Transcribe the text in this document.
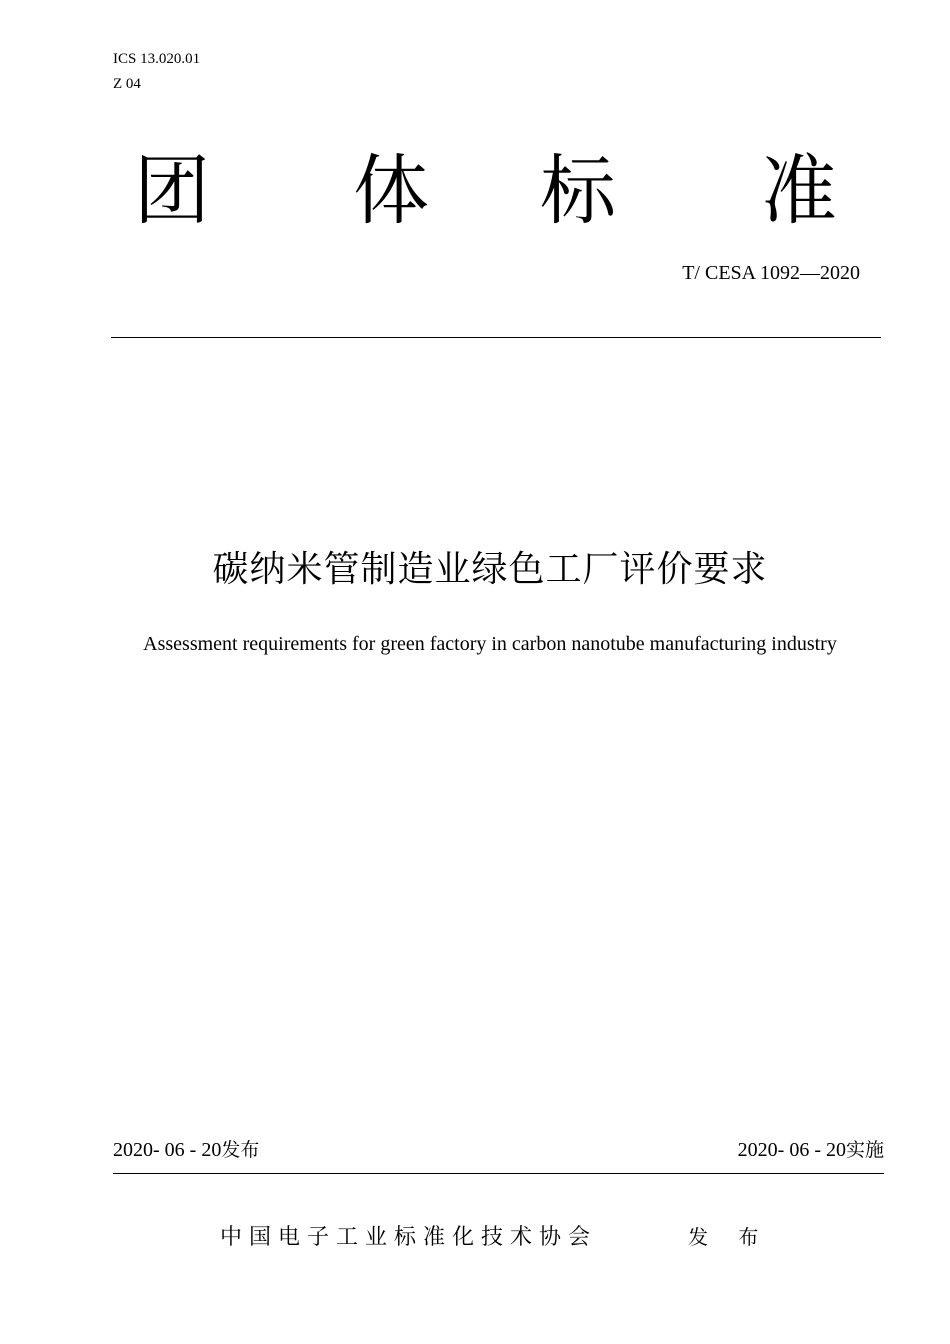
ICS 13.020.01
Z 04
团 体 标 准
T/ CESA 1092—2020
碳纳米管制造业绿色工厂评价要求
Assessment requirements for green factory in carbon nanotube manufacturing industry
2020- 06 - 20发布	2020- 06 - 20实施
中国电子工业标准化技术协会	发 布
